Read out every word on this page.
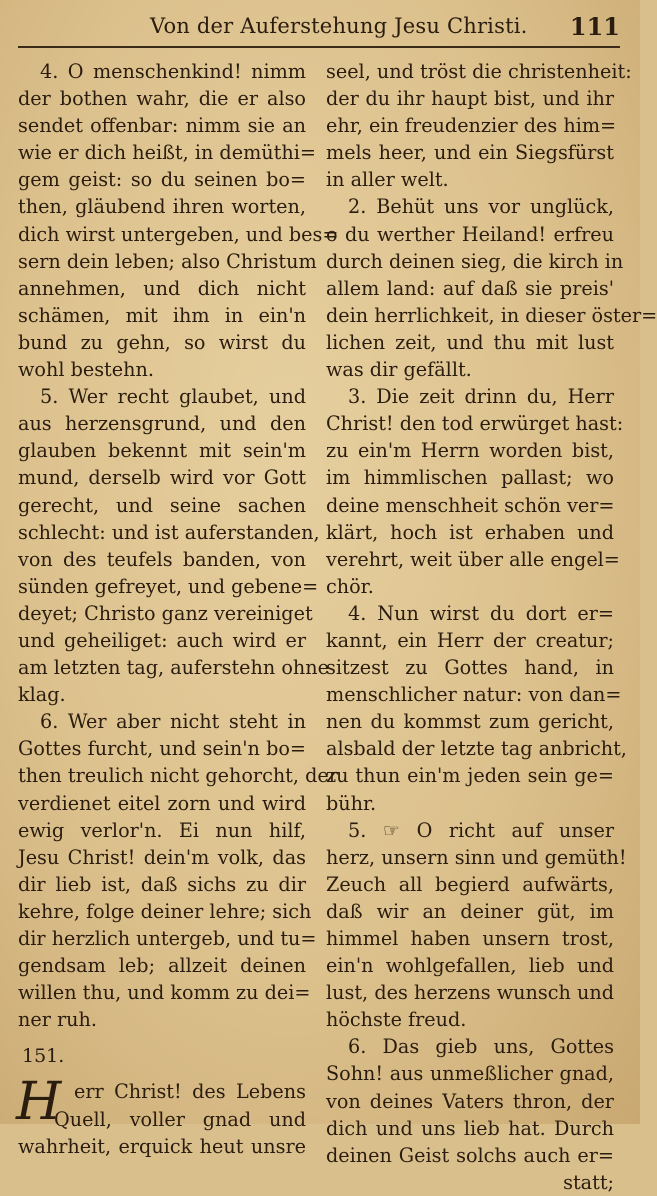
Von der Auferstehung Jesu Christi. 111
4. O menschenkind! nimm
der bothen wahr, die er also
sendet offenbar: nimm sie an
wie er dich heißt, in demüthi=
gem geist: so du seinen bo=
then, gläubend ihren worten,
dich wirst untergeben, und bes=
sern dein leben; also Christum
annehmen, und dich nicht
schämen, mit ihm in ein'n
bund zu gehn, so wirst du
wohl bestehn.
5. Wer recht glaubet, und
aus herzensgrund, und den
glauben bekennt mit sein'm
mund, derselb wird vor Gott
gerecht, und seine sachen
schlecht: und ist auferstanden,
von des teufels banden, von
sünden gefreyet, und gebene=
deyet; Christo ganz vereiniget
und geheiliget: auch wird er
am letzten tag, auferstehn ohne
klag.
6. Wer aber nicht steht in
Gottes furcht, und sein'n bo=
then treulich nicht gehorcht, der
verdienet eitel zorn und wird
ewig verlor'n. Ei nun hilf,
Jesu Christ! dein'm volk, das
dir lieb ist, daß sichs zu dir
kehre, folge deiner lehre; sich
dir herzlich untergeb, und tu=
gendsam leb; allzeit deinen
willen thu, und komm zu dei=
ner ruh.
151.
H err Christ! des Lebens
Quell, voller gnad und
wahrheit, erquick heut unsre
seel, und tröst die christenheit:
der du ihr haupt bist, und ihr
ehr, ein freudenzier des him=
mels heer, und ein Siegsfürst
in aller welt.
2. Behüt uns vor unglück,
o du werther Heiland! erfreu
durch deinen sieg, die kirch in
allem land: auf daß sie preis'
dein herrlichkeit, in dieser öster=
lichen zeit, und thu mit lust
was dir gefällt.
3. Die zeit drinn du, Herr
Christ! den tod erwürget hast:
zu ein'm Herrn worden bist,
im himmlischen pallast; wo
deine menschheit schön ver=
klärt, hoch ist erhaben und
verehrt, weit über alle engel=
chör.
4. Nun wirst du dort er=
kannt, ein Herr der creatur;
sitzest zu Gottes hand, in
menschlicher natur: von dan=
nen du kommst zum gericht,
alsbald der letzte tag anbricht,
zu thun ein'm jeden sein ge=
bühr.
5. ☞ O richt auf unser
herz, unsern sinn und gemüth!
Zeuch all begierd aufwärts,
daß wir an deiner güt, im
himmel haben unsern trost,
ein'n wohlgefallen, lieb und
lust, des herzens wunsch und
höchste freud.
6. Das gieb uns, Gottes
Sohn! aus unmeßlicher gnad,
von deines Vaters thron, der
dich und uns lieb hat. Durch
deinen Geist solchs auch er=
statt;
